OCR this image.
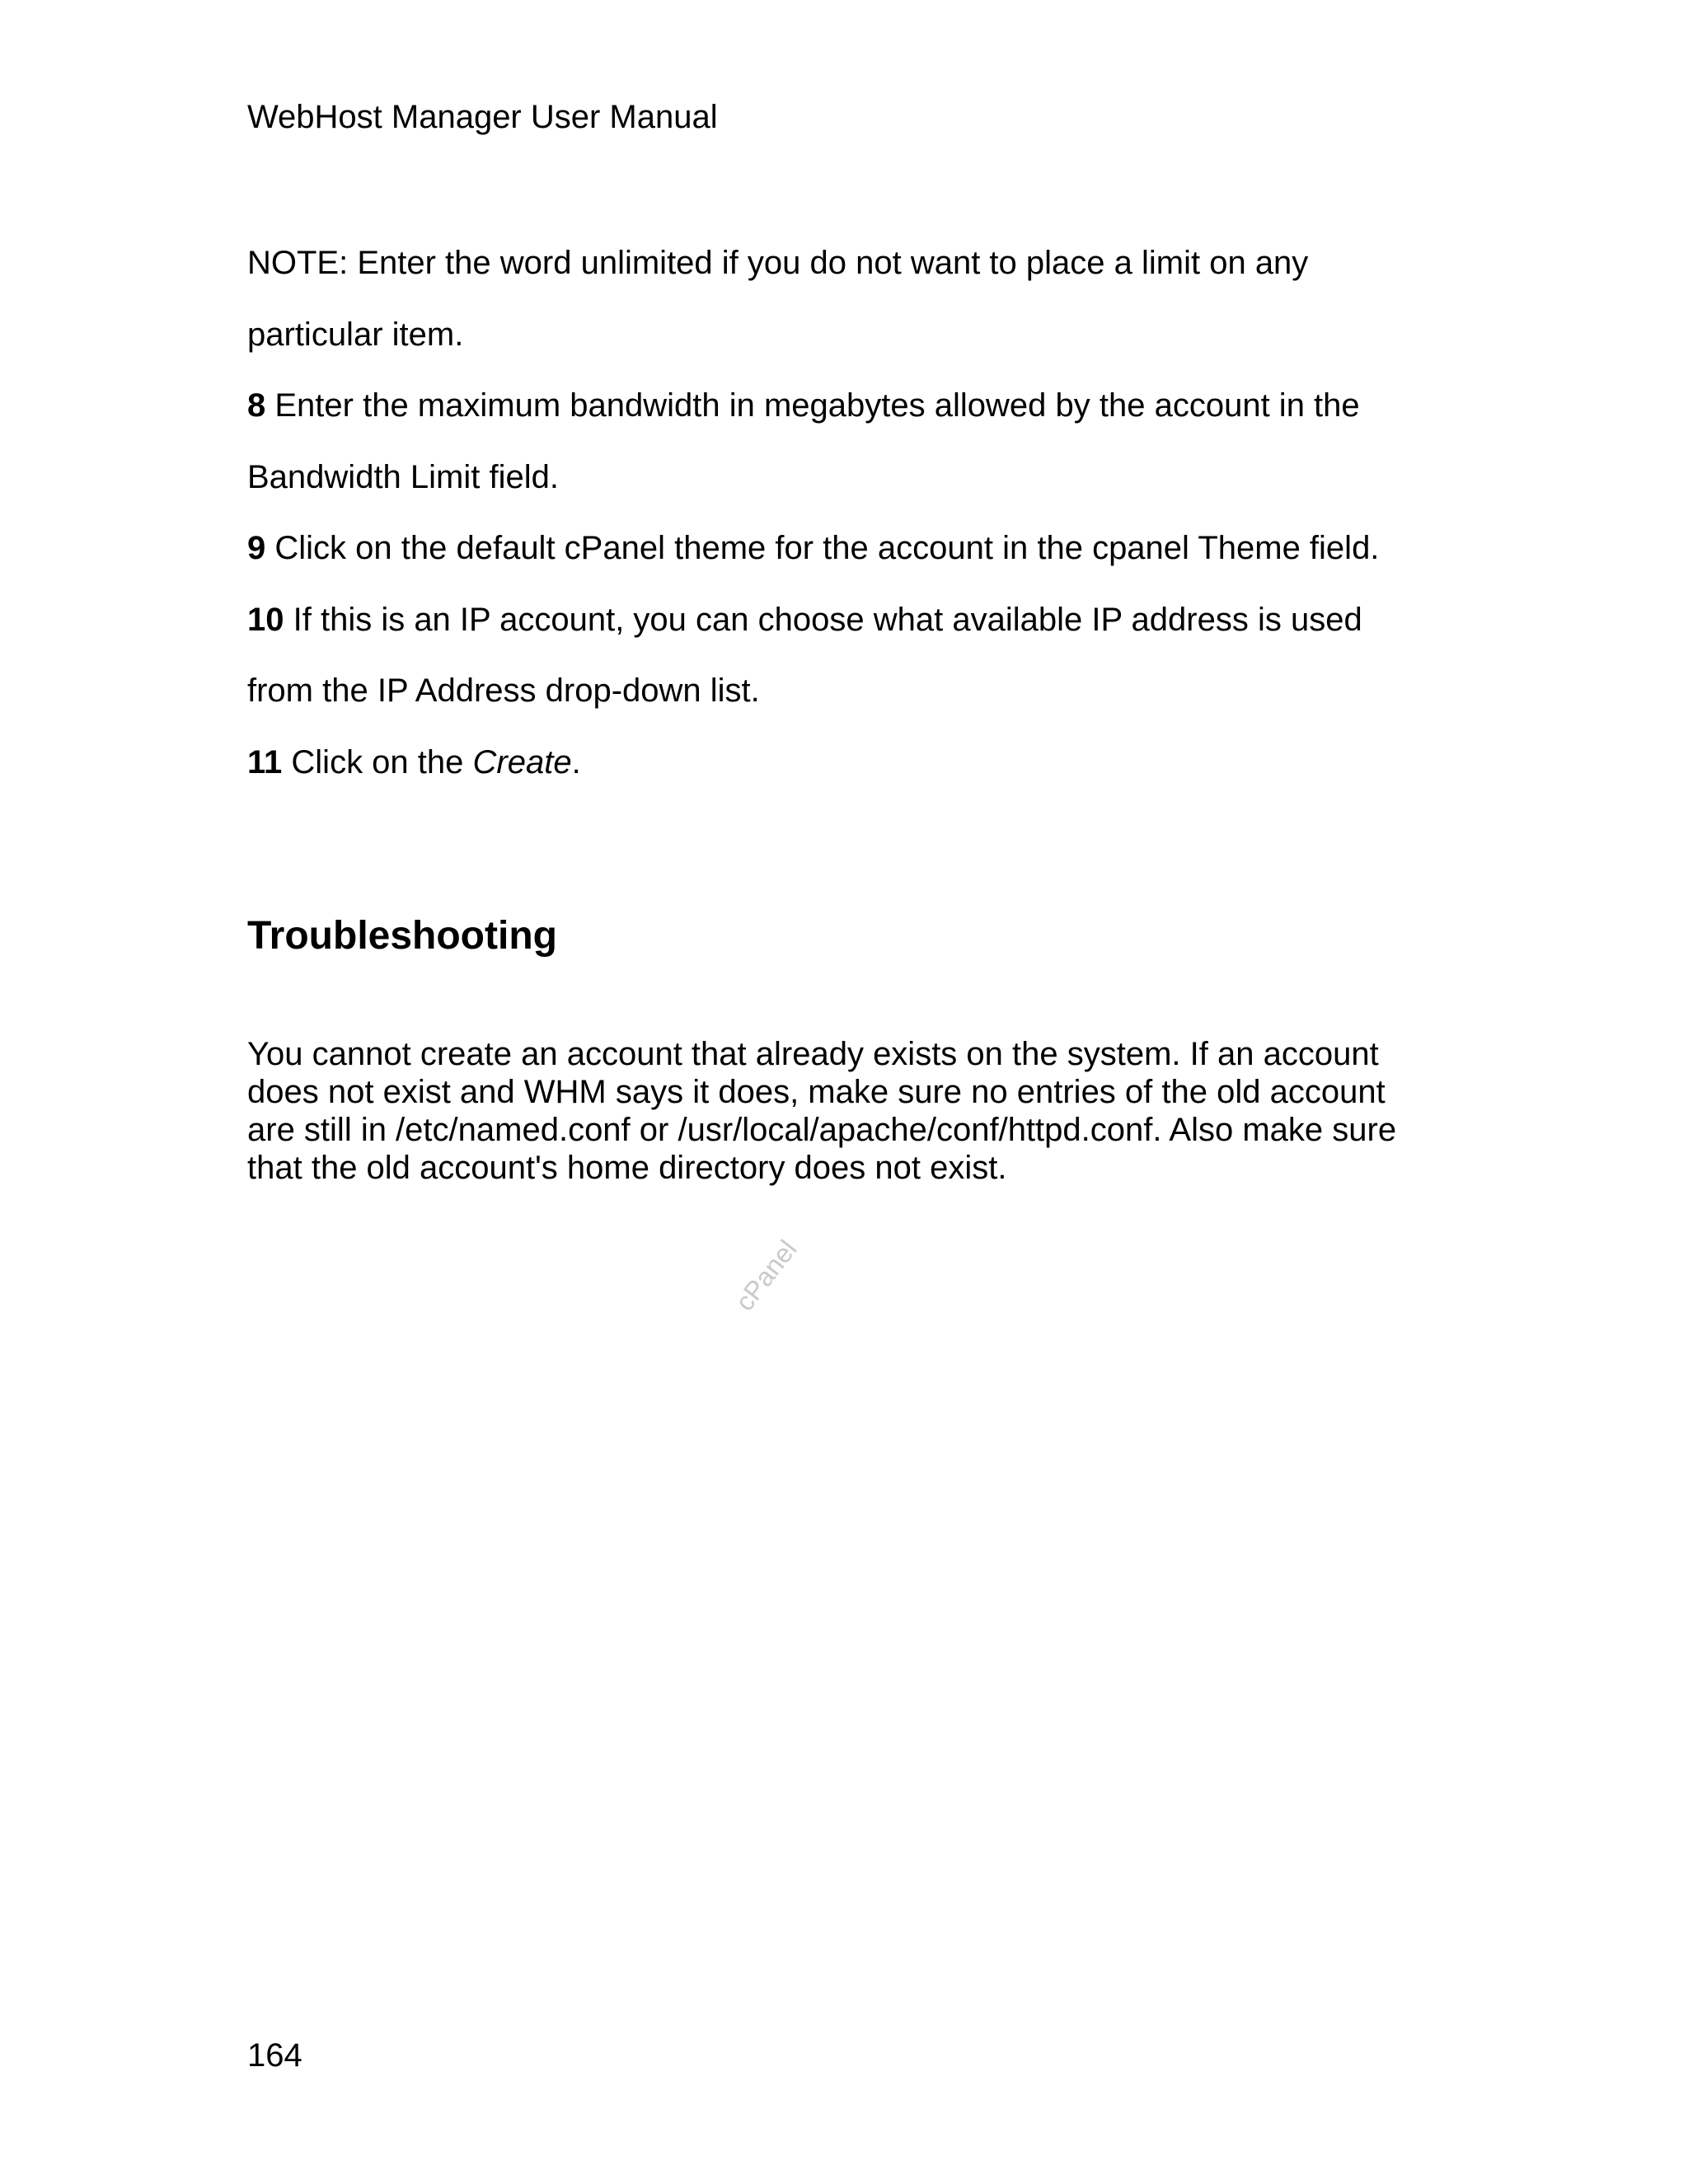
WebHost Manager User Manual

NOTE: Enter the word unlimited if you do not want to place a limit on any

particular item.

8 Enter the maximum bandwidth in megabytes allowed by the account in the

Bandwidth Limit field.

9 Click on the default cPanel theme for the account in the cpanel Theme field.

10 If this is an IP account, you can choose what available IP address is used

from the IP Address drop-down list.

11 Click on the Create.

Troubleshooting

You cannot create an account that already exists on the system. If an account
does not exist and WHM says it does, make sure no entries of the old account
are still in /etc/named.conf or /usr/local/apache/conf/httpd.conf. Also make sure
that the old account's home directory does not exist.

cPanel
164
